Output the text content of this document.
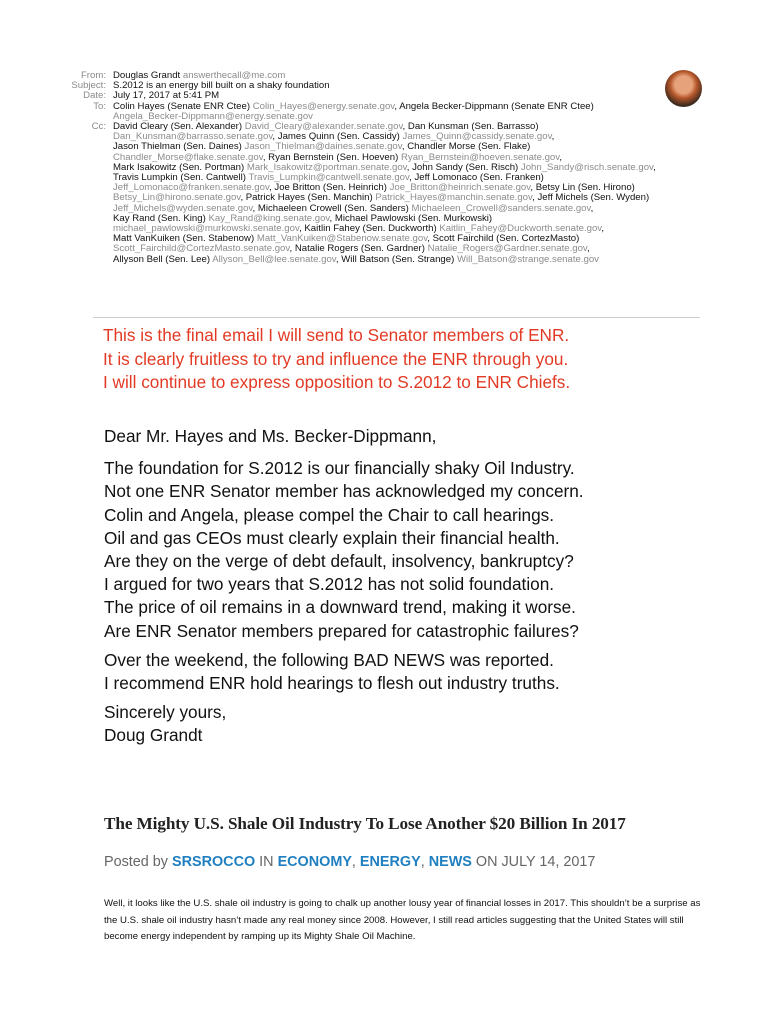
From: Douglas Grandt answerthecall@me.com
Subject: S.2012 is an energy bill built on a shaky foundation
Date: July 17, 2017 at 5:41 PM
To: Colin Hayes (Senate ENR Ctee) Colin_Hayes@energy.senate.gov, Angela Becker-Dippmann (Senate ENR Ctee)
Angela_Becker-Dippmann@energy.senate.gov
Cc: David Cleary (Sen. Alexander) David_Cleary@alexander.senate.gov, Dan Kunsman (Sen. Barrasso)
Dan_Kunsman@barrasso.senate.gov, James Quinn (Sen. Cassidy) James_Quinn@cassidy.senate.gov,
Jason Thielman (Sen. Daines) Jason_Thielman@daines.senate.gov, Chandler Morse (Sen. Flake)
Chandler_Morse@flake.senate.gov, Ryan Bernstein (Sen. Hoeven) Ryan_Bernstein@hoeven.senate.gov,
Mark Isakowitz (Sen. Portman) Mark_Isakowitz@portman.senate.gov, John Sandy (Sen. Risch) John_Sandy@risch.senate.gov,
Travis Lumpkin (Sen. Cantwell) Travis_Lumpkin@cantwell.senate.gov, Jeff Lomonaco (Sen. Franken)
Jeff_Lomonaco@franken.senate.gov, Joe Britton (Sen. Heinrich) Joe_Britton@heinrich.senate.gov, Betsy Lin (Sen. Hirono)
Betsy_Lin@hirono.senate.gov, Patrick Hayes (Sen. Manchin) Patrick_Hayes@manchin.senate.gov, Jeff Michels (Sen. Wyden)
Jeff_Michels@wyden.senate.gov, Michaeleen Crowell (Sen. Sanders) Michaeleen_Crowell@sanders.senate.gov,
Kay Rand (Sen. King) Kay_Rand@king.senate.gov, Michael Pawlowski (Sen. Murkowski)
michael_pawlowski@murkowski.senate.gov, Kaitlin Fahey (Sen. Duckworth) Kaitlin_Fahey@Duckworth.senate.gov,
Matt VanKuiken (Sen. Stabenow) Matt_VanKuiken@Stabenow.senate.gov, Scott Fairchild (Sen. CortezMasto)
Scott_Fairchild@CortezMasto.senate.gov, Natalie Rogers (Sen. Gardner) Natalie_Rogers@Gardner.senate.gov,
Allyson Bell (Sen. Lee) Allyson_Bell@lee.senate.gov, Will Batson (Sen. Strange) Will_Batson@strange.senate.gov
This is the final email I will send to Senator members of ENR.
It is clearly fruitless to try and influence the ENR through you.
I will continue to express opposition to S.2012 to ENR Chiefs.

Dear Mr. Hayes and Ms. Becker-Dippmann,

The foundation for S.2012 is our financially shaky Oil Industry.

Not one ENR Senator member has acknowledged my concern.

Colin and Angela, please compel the Chair to call hearings.

Oil and gas CEOs must clearly explain their financial health.

Are they on the verge of debt default, insolvency, bankruptcy?

I argued for two years that S.2012 has not solid foundation.

The price of oil remains in a downward trend, making it worse.

Are ENR Senator members prepared for catastrophic failures?

Over the weekend, the following BAD NEWS was reported.

I recommend ENR hold hearings to flesh out industry truths.

Sincerely yours,

Doug Grandt

The Mighty U.S. Shale Oil Industry To Lose Another $20 Billion In 2017
Posted by SRSROCCO IN ECONOMY, ENERGY, NEWS ON JULY 14, 2017
Well, it looks like the U.S. shale oil industry is going to chalk up another lousy year of financial losses in 2017. This shouldn’t be a surprise as the U.S. shale oil industry hasn’t made any real money since 2008. However, I still read articles suggesting that the United States will still become energy independent by ramping up its Mighty Shale Oil Machine.
